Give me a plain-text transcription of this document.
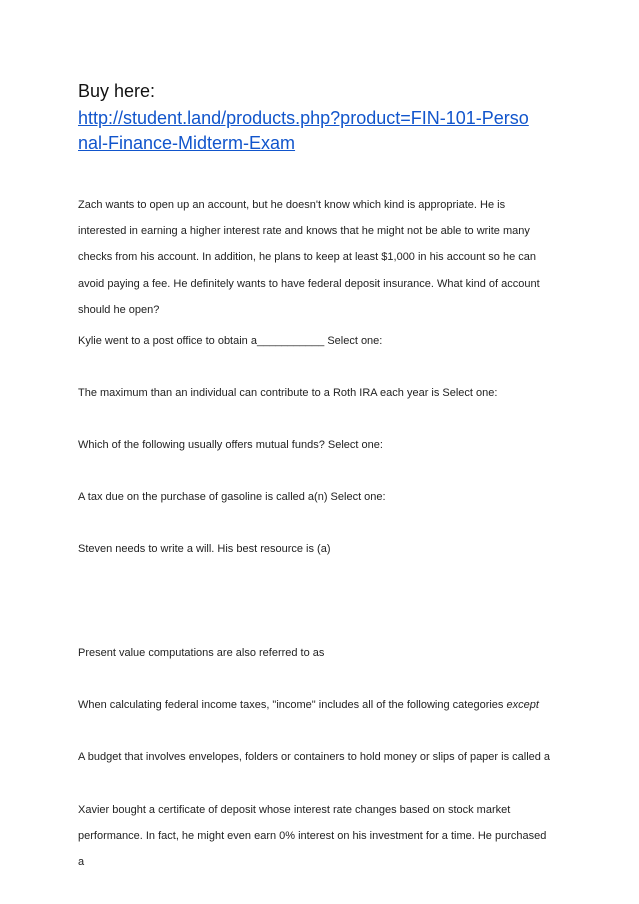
Buy here:
http://student.land/products.php?product=FIN-101-Perso
nal-Finance-Midterm-Exam
Zach wants to open up an account, but he doesn't know which kind is appropriate. He is
interested in earning a higher interest rate and knows that he might not be able to write many
checks from his account. In addition, he plans to keep at least $1,000 in his account so he can
avoid paying a fee. He definitely wants to have federal deposit insurance. What kind of account
should he open?
Kylie went to a post office to obtain a___________ Select one:
The maximum than an individual can contribute to a Roth IRA each year is Select one:
Which of the following usually offers mutual funds? Select one:
A tax due on the purchase of gasoline is called a(n) Select one:
Steven needs to write a will. His best resource is (a)
Present value computations are also referred to as
When calculating federal income taxes, "income" includes all of the following categories except
A budget that involves envelopes, folders or containers to hold money or slips of paper is called a
Xavier bought a certificate of deposit whose interest rate changes based on stock market
performance. In fact, he might even earn 0% interest on his investment for a time. He purchased
a
